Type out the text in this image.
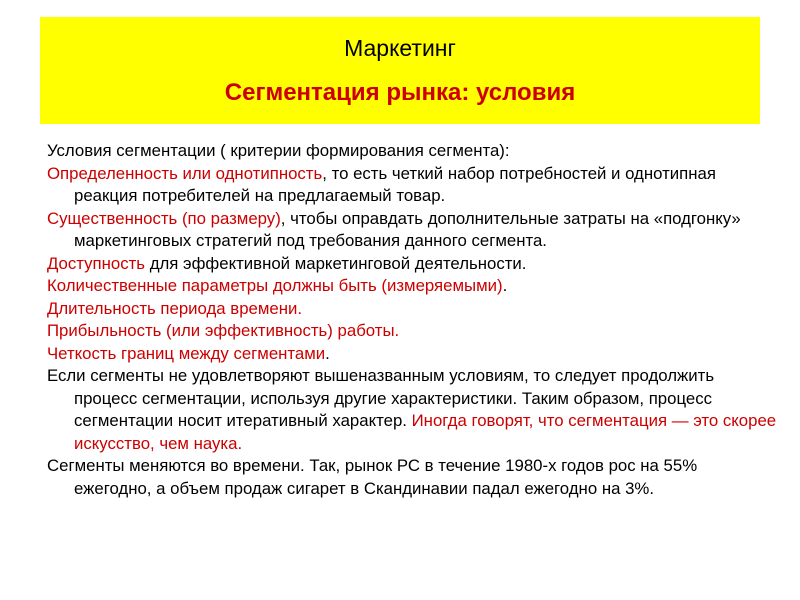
Маркетинг
Сегментация рынка: условия

Условия сегментации ( критерии формирования сегмента):

Определенность или однотипность, то есть четкий набор потребностей и однотипная реакция потребителей на предлагаемый товар.

Существенность (по размеру), чтобы оправдать дополнительные затраты на «подгонку» маркетинговых стратегий под требования данного сегмента.

Доступность для эффективной маркетинговой деятельности.

Количественные параметры должны быть (измеряемыми).

Длительность периода времени.

Прибыльность (или эффективность) работы.

Четкость границ между сегментами.

Если сегменты не удовлетворяют вышеназванным условиям, то следует продолжить процесс сегментации, используя другие характеристики. Таким образом, процесс сегментации носит итеративный характер. Иногда говорят, что сегментация — это скорее искусство, чем наука.

Сегменты меняются во времени. Так, рынок РС в течение 1980-х годов рос на 55% ежегодно, а объем продаж сигарет в Скандинавии падал ежегодно на 3%.
